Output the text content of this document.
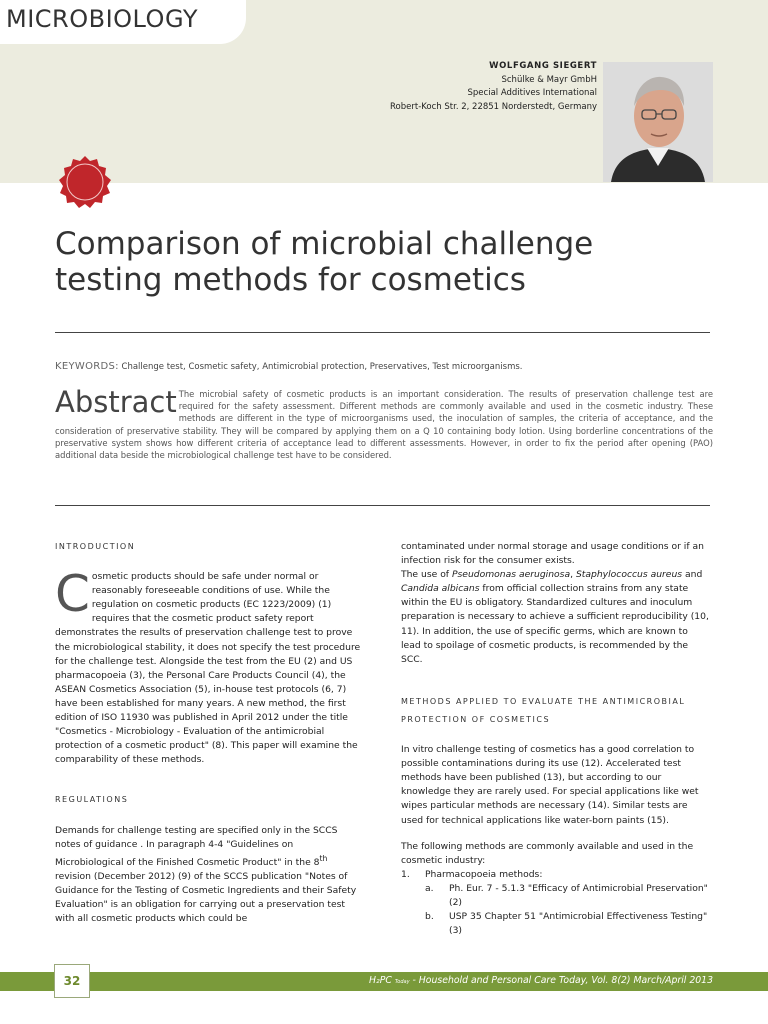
MICROBIOLOGY
WOLFGANG SIEGERT
Schülke & Mayr GmbH
Special Additives International
Robert-Koch Str. 2, 22851 Norderstedt, Germany
Comparison of microbial challenge
testing methods for cosmetics
KEYWORDS: Challenge test, Cosmetic safety, Antimicrobial protection, Preservatives, Test microorganisms.
Abstract The microbial safety of cosmetic products is an important consideration. The results of preservation challenge test are required for the safety assessment. Different methods are commonly available and used in the cosmetic industry. These methods are different in the type of microorganisms used, the inoculation of samples, the criteria of acceptance, and the consideration of preservative stability. They will be compared by applying them on a Q 10 containing body lotion. Using borderline concentrations of the preservative system shows how different criteria of acceptance lead to different assessments. However, in order to fix the period after opening (PAO) additional data beside the microbiological challenge test have to be considered.

INTRODUCTION

Cosmetic products should be safe under normal or reasonably foreseeable conditions of use. While the regulation on cosmetic products (EC 1223/2009) (1) requires that the cosmetic product safety report demonstrates the results of preservation challenge test to prove the microbiological stability, it does not specify the test procedure for the challenge test. Alongside the test from the EU (2) and US pharmacopoeia (3), the Personal Care Products Council (4), the ASEAN Cosmetics Association (5), in-house test protocols (6, 7) have been established for many years. A new method, the first edition of ISO 11930 was published in April 2012 under the title "Cosmetics - Microbiology - Evaluation of the antimicrobial protection of a cosmetic product" (8). This paper will examine the comparability of these methods.

REGULATIONS

Demands for challenge testing are specified only in the SCCS notes of guidance . In paragraph 4-4 "Guidelines on Microbiological of the Finished Cosmetic Product" in the 8th revision (December 2012) (9) of the SCCS publication "Notes of Guidance for the Testing of Cosmetic Ingredients and their Safety Evaluation" is an obligation for carrying out a preservation test with all cosmetic products which could be

contaminated under normal storage and usage conditions or if an infection risk for the consumer exists.

The use of Pseudomonas aeruginosa, Staphylococcus aureus and Candida albicans from official collection strains from any state within the EU is obligatory. Standardized cultures and inoculum preparation is necessary to achieve a sufficient reproducibility (10, 11). In addition, the use of specific germs, which are known to lead to spoilage of cosmetic products, is recommended by the SCC.

METHODS APPLIED TO EVALUATE THE ANTIMICROBIAL

PROTECTION OF COSMETICS

In vitro challenge testing of cosmetics has a good correlation to possible contaminations during its use (12). Accelerated test methods have been published (13), but according to our knowledge they are rarely used. For special applications like wet wipes particular methods are necessary (14). Similar tests are used for technical applications like water-born paints (15).

The following methods are commonly available and used in the cosmetic industry:

1.	Pharmacopoeia methods:
a.	Ph. Eur. 7 - 5.1.3 "Efficacy of Antimicrobial Preservation" (2)
b.	USP 35 Chapter 51 "Antimicrobial Effectiveness Testing" (3)
32	H₂PC Today - Household and Personal Care Today, Vol. 8(2) March/April 2013
